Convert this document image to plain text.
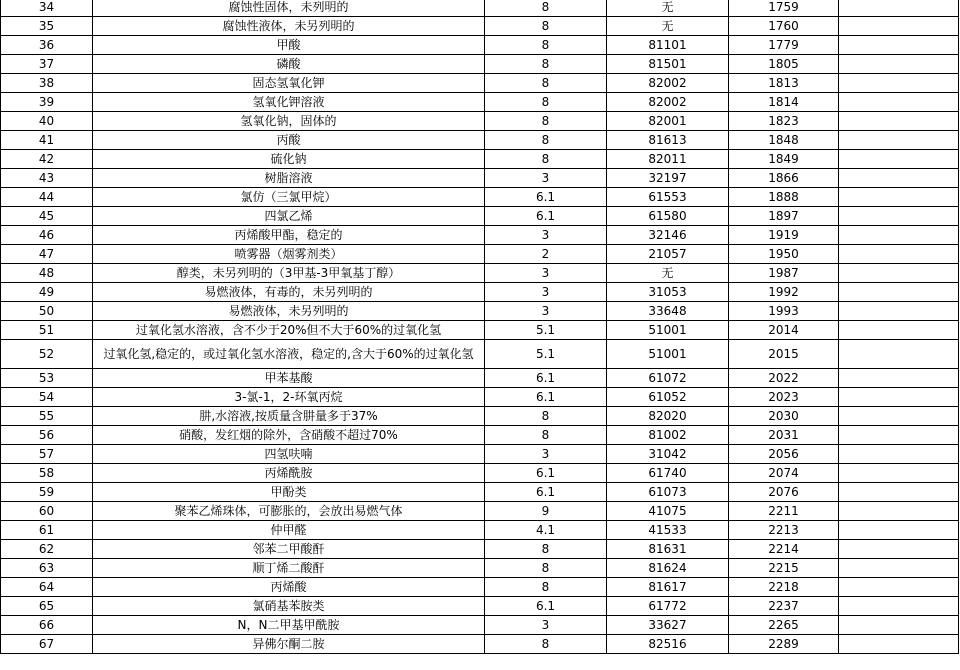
34	腐蚀性固体，未列明的	8	无	1759	
35	腐蚀性液体，未另列明的	8	无	1760	
36	甲酸	8	81101	1779	
37	磷酸	8	81501	1805	
38	固态氢氧化钾	8	82002	1813	
39	氢氧化钾溶液	8	82002	1814	
40	氢氧化钠，固体的	8	82001	1823	
41	丙酸	8	81613	1848	
42	硫化钠	8	82011	1849	
43	树脂溶液	3	32197	1866	
44	氯仿（三氯甲烷）	6.1	61553	1888	
45	四氯乙烯	6.1	61580	1897	
46	丙烯酸甲酯，稳定的	3	32146	1919	
47	喷雾器（烟雾剂类）	2	21057	1950	
48	醇类，未另列明的（3甲基-3甲氧基丁醇）	3	无	1987	
49	易燃液体，有毒的，未另列明的	3	31053	1992	
50	易燃液体，未另列明的	3	33648	1993	
51	过氧化氢水溶液，含不少于20%但不大于60%的过氧化氢	5.1	51001	2014	
52	过氧化氢,稳定的，或过氧化氢水溶液，稳定的,含大于60%的过氧化氢	5.1	51001	2015	
53	甲苯基酸	6.1	61072	2022	
54	3-氯-1，2-环氧丙烷	6.1	61052	2023	
55	肼,水溶液,按质量含肼量多于37%	8	82020	2030	
56	硝酸，发红烟的除外，含硝酸不超过70%	8	81002	2031	
57	四氢呋喃	3	31042	2056	
58	丙烯酰胺	6.1	61740	2074	
59	甲酚类	6.1	61073	2076	
60	聚苯乙烯珠体，可膨胀的，会放出易燃气体	9	41075	2211	
61	仲甲醛	4.1	41533	2213	
62	邻苯二甲酸酐	8	81631	2214	
63	顺丁烯二酸酐	8	81624	2215	
64	丙烯酸	8	81617	2218	
65	氯硝基苯胺类	6.1	61772	2237	
66	N，N二甲基甲酰胺	3	33627	2265	
67	异佛尔酮二胺	8	82516	2289	
